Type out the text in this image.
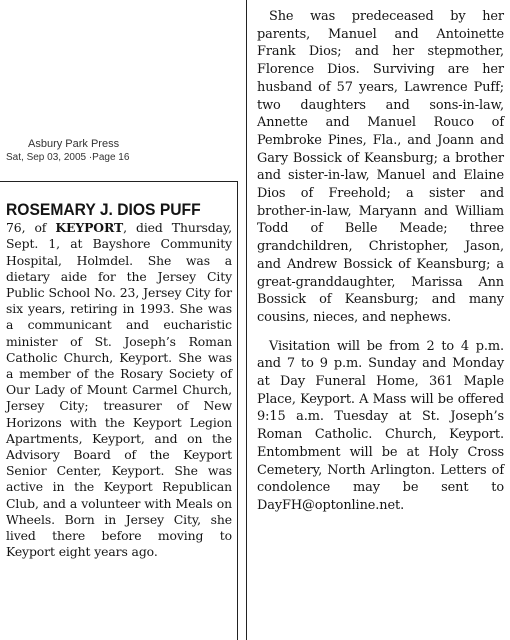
Asbury Park Press
Sat, Sep 03, 2005 ·Page 16
ROSEMARY J. DIOS PUFF

76, of KEYPORT, died Thursday, Sept. 1, at Bayshore Community Hospital, Holmdel. She was a dietary aide for the Jersey City Public School No. 23, Jersey City for six years, retiring in 1993. She was a communicant and eucharistic minister of St. Joseph’s Roman Catholic Church, Keyport. She was a member of the Rosary Society of Our Lady of Mount Carmel Church, Jersey City; treasurer of New Horizons with the Keyport Legion Apartments, Keyport, and on the Advisory Board of the Keyport Senior Center, Keyport. She was active in the Keyport Republican Club, and a volunteer with Meals on Wheels. Born in Jersey City, she lived there before moving to Keyport eight years ago.

She was predeceased by her parents, Manuel and Antoinette Frank Dios; and her stepmother, Florence Dios. Surviving are her husband of 57 years, Lawrence Puff; two daughters and sons-in-law, Annette and Manuel Rouco of Pembroke Pines, Fla., and Joann and Gary Bossick of Keansburg; a brother and sister-in-law, Manuel and Elaine Dios of Freehold; a sister and brother-in-law, Maryann and William Todd of Belle Meade; three grandchildren, Christopher, Jason, and Andrew Bossick of Keansburg; a great-granddaughter, Marissa Ann Bossick of Keansburg; and many cousins, nieces, and nephews.

Visitation will be from 2 to 4 p.m. and 7 to 9 p.m. Sunday and Monday at Day Funeral Home, 361 Maple Place, Keyport. A Mass will be offered 9:15 a.m. Tuesday at St. Joseph’s Roman Catholic. Church, Keyport. Entombment will be at Holy Cross Cemetery, North Arlington. Letters of condolence may be sent to DayFH@optonline.net.
